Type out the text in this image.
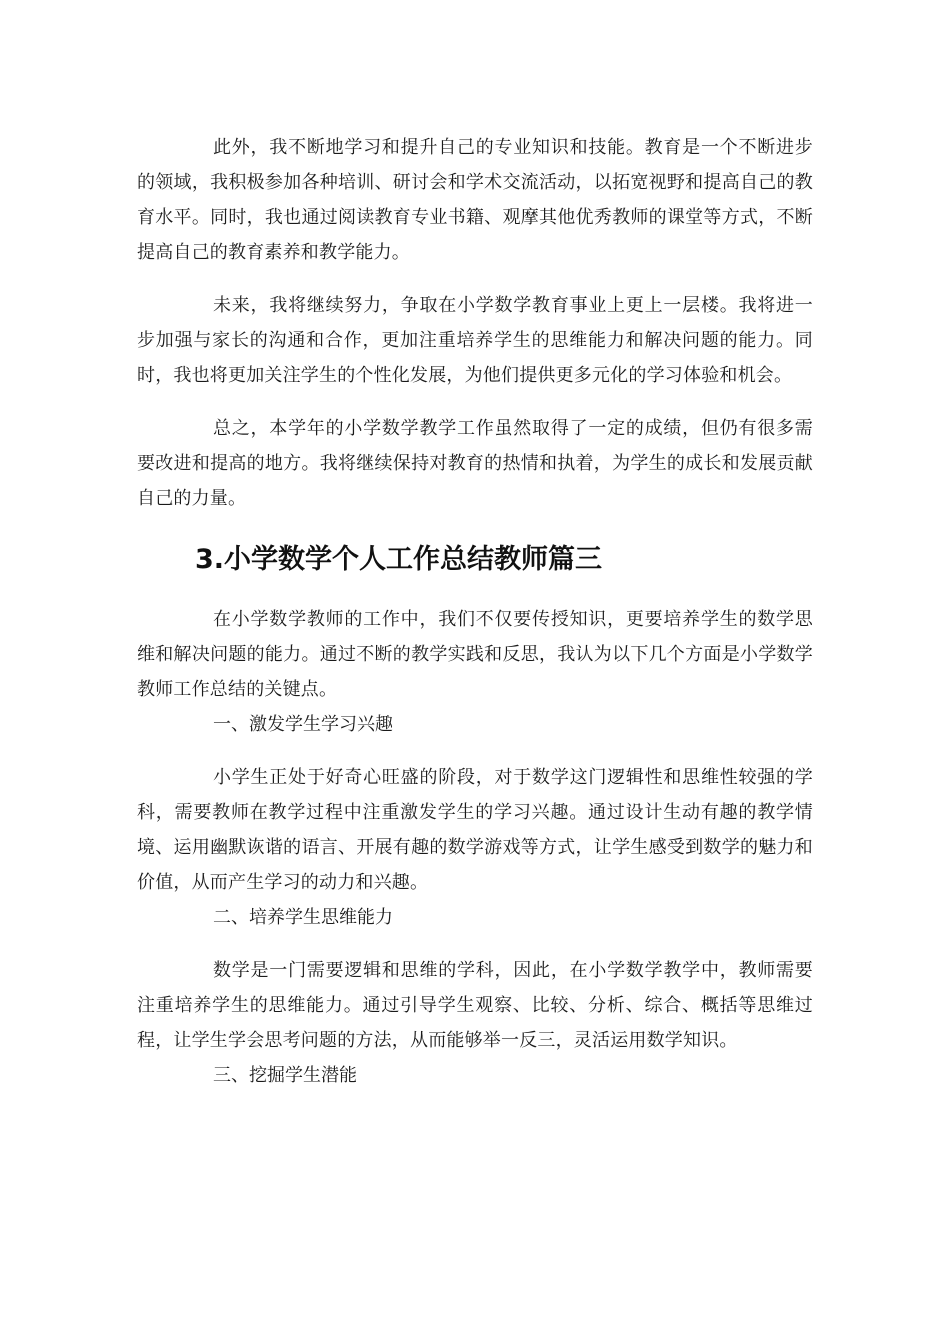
此外，我不断地学习和提升自己的专业知识和技能。教育是一个不断进步的领域，我积极参加各种培训、研讨会和学术交流活动，以拓宽视野和提高自己的教育水平。同时，我也通过阅读教育专业书籍、观摩其他优秀教师的课堂等方式，不断提高自己的教育素养和教学能力。

未来，我将继续努力，争取在小学数学教育事业上更上一层楼。我将进一步加强与家长的沟通和合作，更加注重培养学生的思维能力和解决问题的能力。同时，我也将更加关注学生的个性化发展，为他们提供更多元化的学习体验和机会。

总之，本学年的小学数学教学工作虽然取得了一定的成绩，但仍有很多需要改进和提高的地方。我将继续保持对教育的热情和执着，为学生的成长和发展贡献自己的力量。

3.小学数学个人工作总结教师篇三

在小学数学教师的工作中，我们不仅要传授知识，更要培养学生的数学思维和解决问题的能力。通过不断的教学实践和反思，我认为以下几个方面是小学数学教师工作总结的关键点。

一、激发学生学习兴趣

小学生正处于好奇心旺盛的阶段，对于数学这门逻辑性和思维性较强的学科，需要教师在教学过程中注重激发学生的学习兴趣。通过设计生动有趣的教学情境、运用幽默诙谐的语言、开展有趣的数学游戏等方式，让学生感受到数学的魅力和价值，从而产生学习的动力和兴趣。

二、培养学生思维能力

数学是一门需要逻辑和思维的学科，因此，在小学数学教学中，教师需要注重培养学生的思维能力。通过引导学生观察、比较、分析、综合、概括等思维过程，让学生学会思考问题的方法，从而能够举一反三，灵活运用数学知识。

三、挖掘学生潜能
